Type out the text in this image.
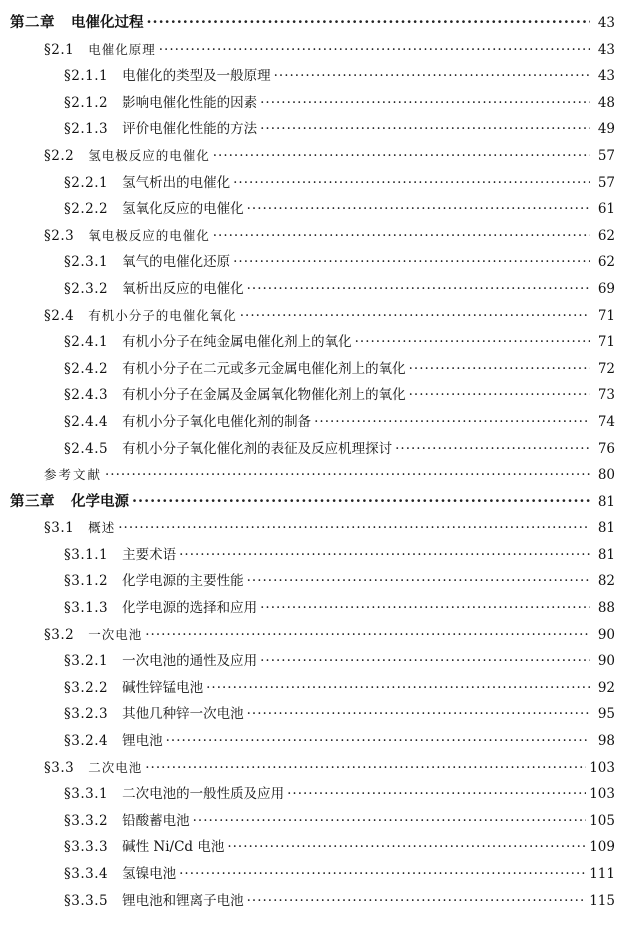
第二章 电催化过程 ·····	43
§2.1 电催化原理 ·····	43
§2.1.1 电催化的类型及一般原理 ·····	43
§2.1.2 影响电催化性能的因素 ·····	48
§2.1.3 评价电催化性能的方法 ·····	49
§2.2 氢电极反应的电催化 ·····	57
§2.2.1 氢气析出的电催化 ·····	57
§2.2.2 氢氧化反应的电催化 ·····	61
§2.3 氧电极反应的电催化 ·····	62
§2.3.1 氧气的电催化还原 ·····	62
§2.3.2 氧析出反应的电催化 ·····	69
§2.4 有机小分子的电催化氧化 ·····	71
§2.4.1 有机小分子在纯金属电催化剂上的氧化 ·····	71
§2.4.2 有机小分子在二元或多元金属电催化剂上的氧化 ·····	72
§2.4.3 有机小分子在金属及金属氧化物催化剂上的氧化 ·····	73
§2.4.4 有机小分子氧化电催化剂的制备 ·····	74
§2.4.5 有机小分子氧化催化剂的表征及反应机理探讨 ·····	76
参考文献 ·····	80
第三章 化学电源 ·····	81
§3.1 概述 ·····	81
§3.1.1 主要术语 ·····	81
§3.1.2 化学电源的主要性能 ·····	82
§3.1.3 化学电源的选择和应用 ·····	88
§3.2 一次电池 ·····	90
§3.2.1 一次电池的通性及应用 ·····	90
§3.2.2 碱性锌锰电池 ·····	92
§3.2.3 其他几种锌一次电池 ·····	95
§3.2.4 锂电池 ·····	98
§3.3 二次电池 ·····	103
§3.3.1 二次电池的一般性质及应用 ·····	103
§3.3.2 铅酸蓄电池 ·····	105
§3.3.3 碱性 Ni/Cd 电池 ·····	109
§3.3.4 氢镍电池 ·····	111
§3.3.5 锂电池和锂离子电池 ·····	115
